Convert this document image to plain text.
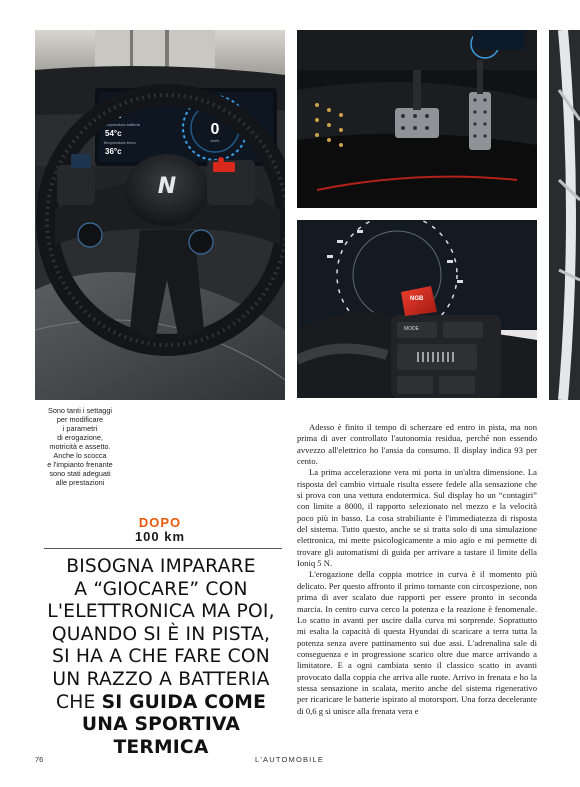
Temperatura motore
49°c
Temperatura batteria
54°c
Temperatura freno
36°c
0
km/h
N
NGB
MODE
Sono tanti i settaggi
per modificare
i parametri
di erogazione,
motricità e assetto.
Anche lo scocca
e l'impianto frenante
sono stati adeguati
alle prestazioni
DOPO
100 km
BISOGNA IMPARARE
A “GIOCARE” CON
L'ELETTRONICA MA POI,
QUANDO SI È IN PISTA,
SI HA A CHE FARE CON
UN RAZZO A BATTERIA
CHE SI GUIDA COME
UNA SPORTIVA TERMICA

Adesso è finito il tempo di scherzare ed entro in pista, ma non prima di aver controllato l'autonomia residua, perché non essendo avvezzo all'elettrico ho l'ansia da consumo. Il display indica 93 per cento.

La prima accelerazione vera mi porta in un'altra dimensione. La risposta del cambio virtuale risulta essere fedele alla sensazione che si prova con una vettura endotermica. Sul display ho un “contagiri” con limite a 8000, il rapporto selezionato nel mezzo e la velocità poco più in basso. La cosa strabiliante è l'immediatezza di risposta del sistema. Tutto questo, anche se si tratta solo di una simulazione elettronica, mi mette psicologicamente a mio agio e mi permette di trovare gli automatismi di guida per arrivare a tastare il limite della Ioniq 5 N.

L'erogazione della coppia motrice in curva è il momento più delicato. Per questo affronto il primo tornante con circospezione, non prima di aver scalato due rapporti per essere pronto in seconda marcia. In centro curva cerco la potenza e la reazione è fenomenale. Lo scatto in avanti per uscire dalla curva mi sorprende. Soprattutto mi esalta la capacità di questa Hyundai di scaricare a terra tutta la potenza senza avere pattinamento sui due assi. L'adrenalina sale di conseguenza e in progressione scarico oltre due marce arrivando a limitatore. E a ogni cambiata sento il classico scatto in avanti provocato dalla coppia che arriva alle ruote. Arrivo in frenata e ho la stessa sensazione in scalata, merito anche del sistema rigenerativo per ricaricare le batterie ispirato al motorsport. Una forza decelerante di 0,6 g si unisce alla frenata vera e

76	L'AUTOMOBILE
